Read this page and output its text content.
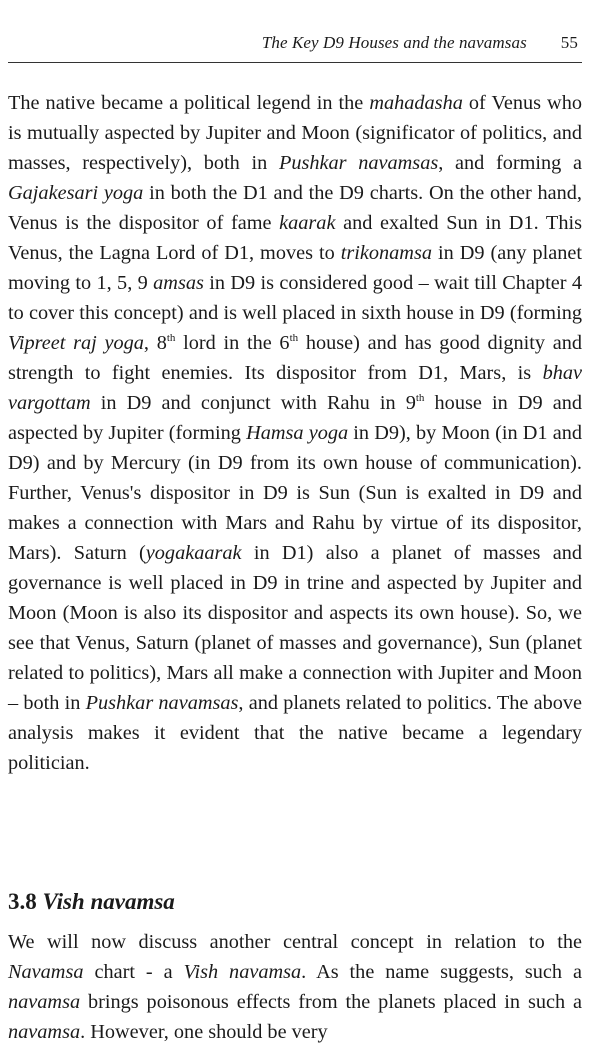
The Key D9 Houses and the navamsas 55

The native became a political legend in the mahadasha of Venus who is mutually aspected by Jupiter and Moon (significator of politics, and masses, respectively), both in Pushkar navamsas, and forming a Gajakesari yoga in both the D1 and the D9 charts. On the other hand, Venus is the dispositor of fame kaarak and exalted Sun in D1. This Venus, the Lagna Lord of D1, moves to trikonamsa in D9 (any planet moving to 1, 5, 9 amsas in D9 is considered good – wait till Chapter 4 to cover this concept) and is well placed in sixth house in D9 (forming Vipreet raj yoga, 8th lord in the 6th house) and has good dignity and strength to fight enemies. Its dispositor from D1, Mars, is bhav vargottam in D9 and conjunct with Rahu in 9th house in D9 and aspected by Jupiter (forming Hamsa yoga in D9), by Moon (in D1 and D9) and by Mercury (in D9 from its own house of communication). Further, Venus's dispositor in D9 is Sun (Sun is exalted in D9 and makes a connection with Mars and Rahu by virtue of its dispositor, Mars). Saturn (yogakaarak in D1) also a planet of masses and governance is well placed in D9 in trine and aspected by Jupiter and Moon (Moon is also its dispositor and aspects its own house). So, we see that Venus, Saturn (planet of masses and governance), Sun (planet related to politics), Mars all make a connection with Jupiter and Moon – both in Pushkar navamsas, and planets related to politics. The above analysis makes it evident that the native became a legendary politician.

3.8 Vish navamsa

We will now discuss another central concept in relation to the Navamsa chart - a Vish navamsa. As the name suggests, such a navamsa brings poisonous effects from the planets placed in such a navamsa. However, one should be very
